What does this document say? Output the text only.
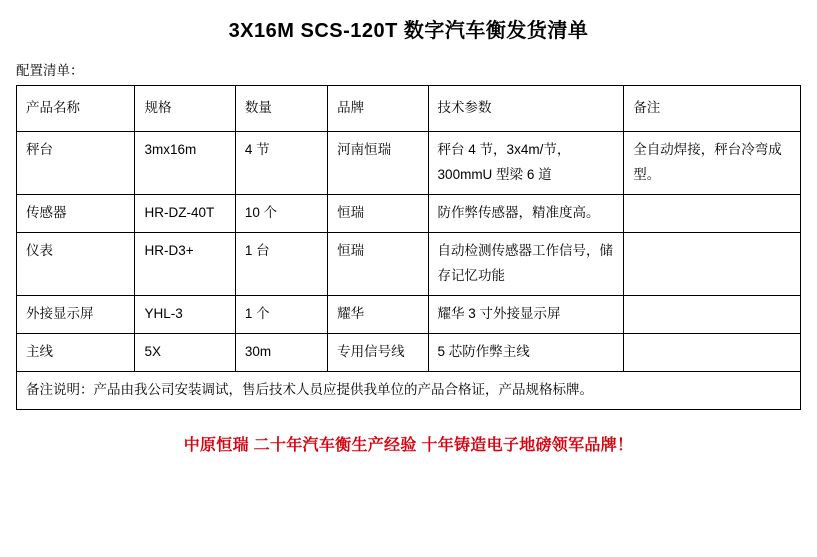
3X16M SCS-120T 数字汽车衡发货清单
配置清单：
产品名称	规格	数量	品牌	技术参数	备注
秤台	3mx16m	4 节	河南恒瑞	秤台 4 节，3x4m/节，300mmU 型梁 6 道	全自动焊接，秤台冷弯成型。
传感器	HR-DZ-40T	10 个	恒瑞	防作弊传感器，精准度高。	
仪表	HR-D3+	1 台	恒瑞	自动检测传感器工作信号，储存记忆功能	
外接显示屏	YHL-3	1 个	耀华	耀华 3 寸外接显示屏	
主线	5X	30m	专用信号线	5 芯防作弊主线	
备注说明：产品由我公司安装调试，售后技术人员应提供我单位的产品合格证，产品规格标牌。					
中原恒瑞 二十年汽车衡生产经验 十年铸造电子地磅领军品牌！
